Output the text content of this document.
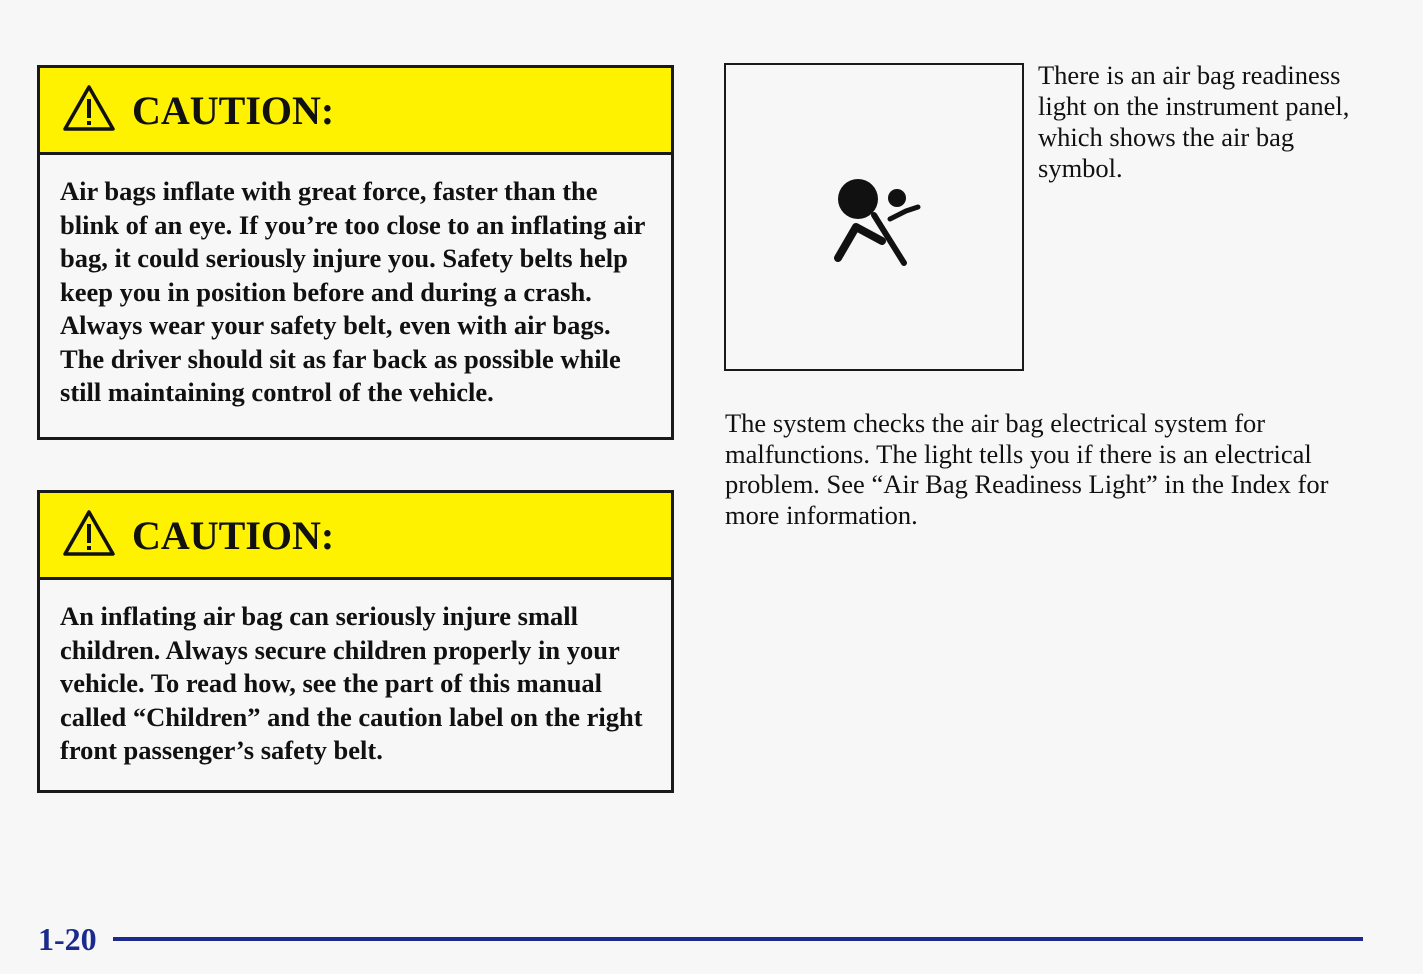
CAUTION:
Air bags inflate with great force, faster than the blink of an eye. If you’re too close to an inflating air bag, it could seriously injure you. Safety belts help keep you in position before and during a crash. Always wear your safety belt, even with air bags. The driver should sit as far back as possible while still maintaining control of the vehicle.
CAUTION:
An inflating air bag can seriously injure small children. Always secure children properly in your vehicle. To read how, see the part of this manual called “Children” and the caution label on the right front passenger’s safety belt.
There is an air bag readiness light on the instrument panel, which shows the air bag symbol.
The system checks the air bag electrical system for malfunctions. The light tells you if there is an electrical problem. See “Air Bag Readiness Light” in the Index for more information.
1-20
